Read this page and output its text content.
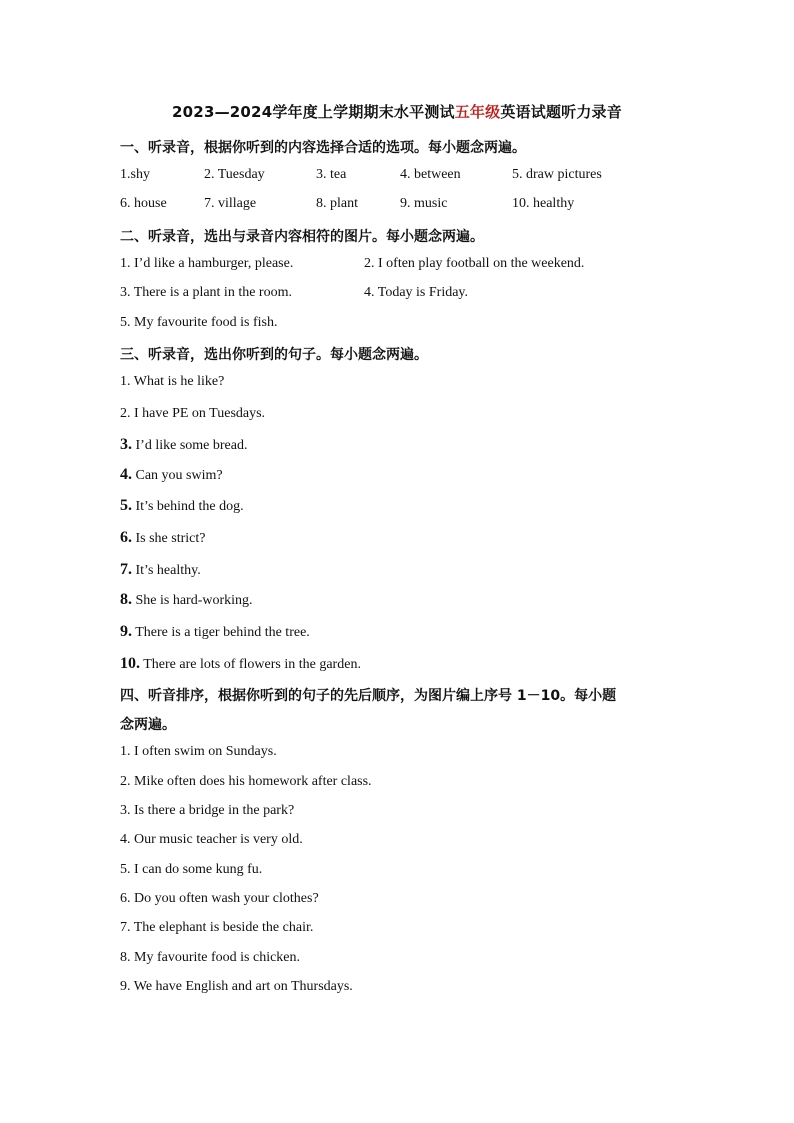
2023—2024学年度上学期期末水平测试五年级英语试题听力录音
一、听录音，根据你听到的内容选择合适的选项。每小题念两遍。
1.shy	2. Tuesday	3. tea	4. between	5. draw pictures
6. house	7. village	8. plant	9. music	10. healthy
二、听录音，选出与录音内容相符的图片。每小题念两遍。
1. I’d like a hamburger, please.	2. I often play football on the weekend.
3. There is a plant in the room.	4. Today is Friday.
5. My favourite food is fish.
三、听录音，选出你听到的句子。每小题念两遍。
1. What is he like?
2. I have PE on Tuesdays.
3. I’d like some bread.
4. Can you swim?
5. It’s behind the dog.
6. Is she strict?
7. It’s healthy.
8. She is hard-working.
9. There is a tiger behind the tree.
10. There are lots of flowers in the garden.
四、听音排序，根据你听到的句子的先后顺序，为图片编上序号 1－10。每小题
念两遍。
1. I often swim on Sundays.
2. Mike often does his homework after class.
3. Is there a bridge in the park?
4. Our music teacher is very old.
5. I can do some kung fu.
6. Do you often wash your clothes?
7. The elephant is beside the chair.
8. My favourite food is chicken.
9. We have English and art on Thursdays.
